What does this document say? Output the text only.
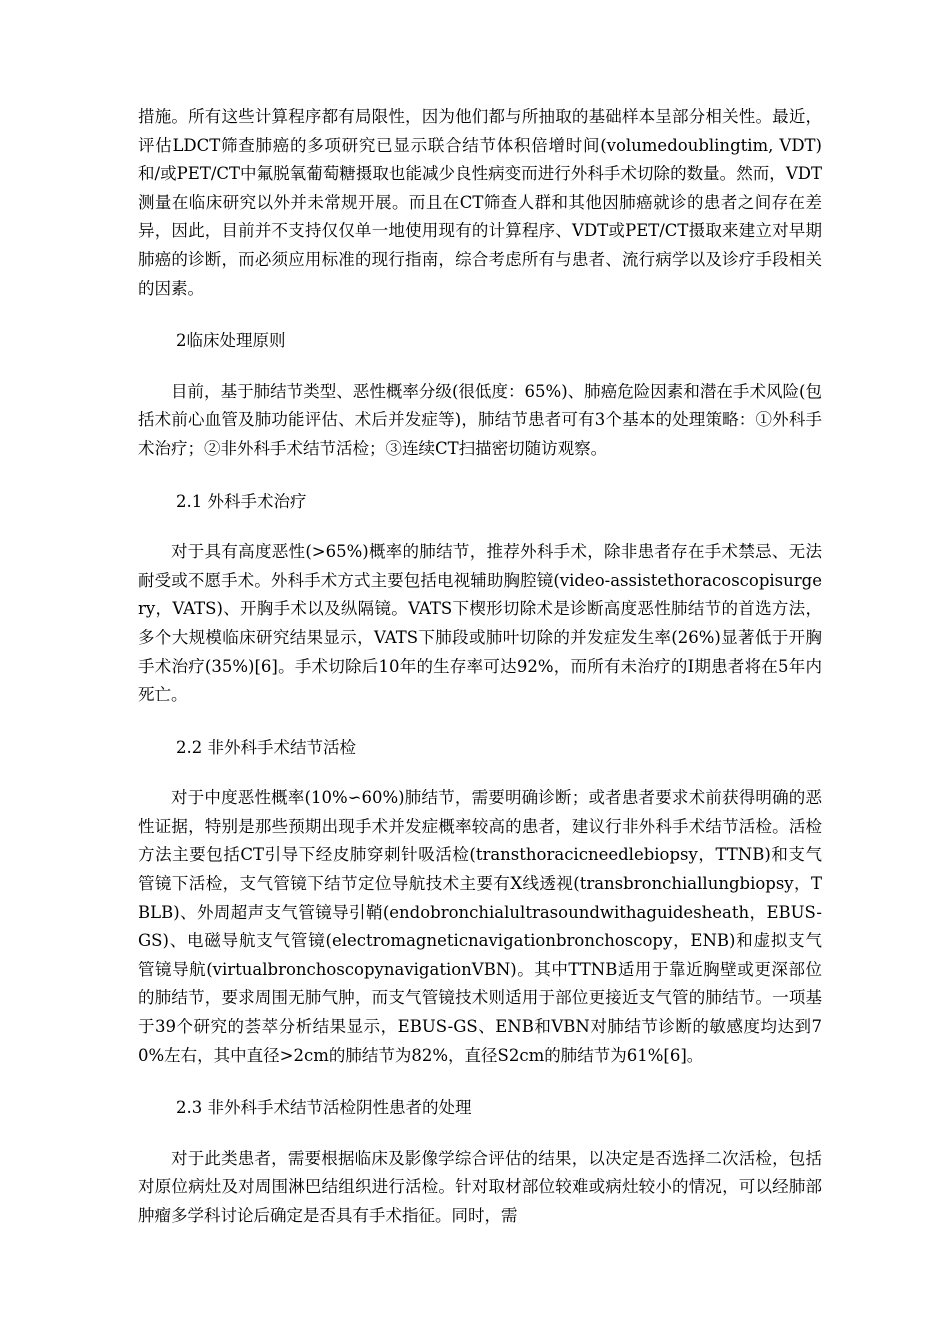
措施。所有这些计算程序都有局限性，因为他们都与所抽取的基础样本呈部分相关性。最近，评估LDCT筛查肺癌的多项研究已显示联合结节体积倍增时间(volumedoublingtim, VDT)和/或PET/CT中氟脱氧葡萄糖摄取也能减少良性病变而进行外科手术切除的数量。然而，VDT测量在临床研究以外并未常规开展。而且在CT筛查人群和其他因肺癌就诊的患者之间存在差异，因此，目前并不支持仅仅单一地使用现有的计算程序、VDT或PET/CT摄取来建立对早期肺癌的诊断，而必须应用标准的现行指南，综合考虑所有与患者、流行病学以及诊疗手段相关的因素。

2临床处理原则

目前，基于肺结节类型、恶性概率分级(很低度：65%)、肺癌危险因素和潜在手术风险(包括术前心血管及肺功能评估、术后并发症等)，肺结节患者可有3个基本的处理策略：①外科手术治疗；②非外科手术结节活检；③连续CT扫描密切随访观察。

2.1 外科手术治疗

对于具有高度恶性(>65%)概率的肺结节，推荐外科手术，除非患者存在手术禁忌、无法耐受或不愿手术。外科手术方式主要包括电视辅助胸腔镜(video-assistethoracoscopisurgery，VATS)、开胸手术以及纵隔镜。VATS下楔形切除术是诊断高度恶性肺结节的首选方法，多个大规模临床研究结果显示，VATS下肺段或肺叶切除的并发症发生率(26%)显著低于开胸手术治疗(35%)[6]。手术切除后10年的生存率可达92%，而所有未治疗的Ⅰ期患者将在5年内死亡。

2.2 非外科手术结节活检

对于中度恶性概率(10%∽60%)肺结节，需要明确诊断；或者患者要求术前获得明确的恶性证据，特别是那些预期出现手术并发症概率较高的患者，建议行非外科手术结节活检。活检方法主要包括CT引导下经皮肺穿刺针吸活检(transthoracicneedlebiopsy，TTNB)和支气管镜下活检，支气管镜下结节定位导航技术主要有X线透视(transbronchiallungbiopsy，TBLB)、外周超声支气管镜导引鞘(endobronchialultrasoundwithaguidesheath，EBUS-GS)、电磁导航支气管镜(electromagneticnavigationbronchoscopy，ENB)和虚拟支气管镜导航(virtualbronchoscopynavigationVBN)。其中TTNB适用于靠近胸壁或更深部位的肺结节，要求周围无肺气肿，而支气管镜技术则适用于部位更接近支气管的肺结节。一项基于39个研究的荟萃分析结果显示，EBUS-GS、ENB和VBN对肺结节诊断的敏感度均达到70%左右，其中直径>2cm的肺结节为82%，直径S2cm的肺结节为61%[6]。

2.3 非外科手术结节活检阴性患者的处理

对于此类患者，需要根据临床及影像学综合评估的结果，以决定是否选择二次活检，包括对原位病灶及对周围淋巴结组织进行活检。针对取材部位较难或病灶较小的情况，可以经肺部肿瘤多学科讨论后确定是否具有手术指征。同时，需
